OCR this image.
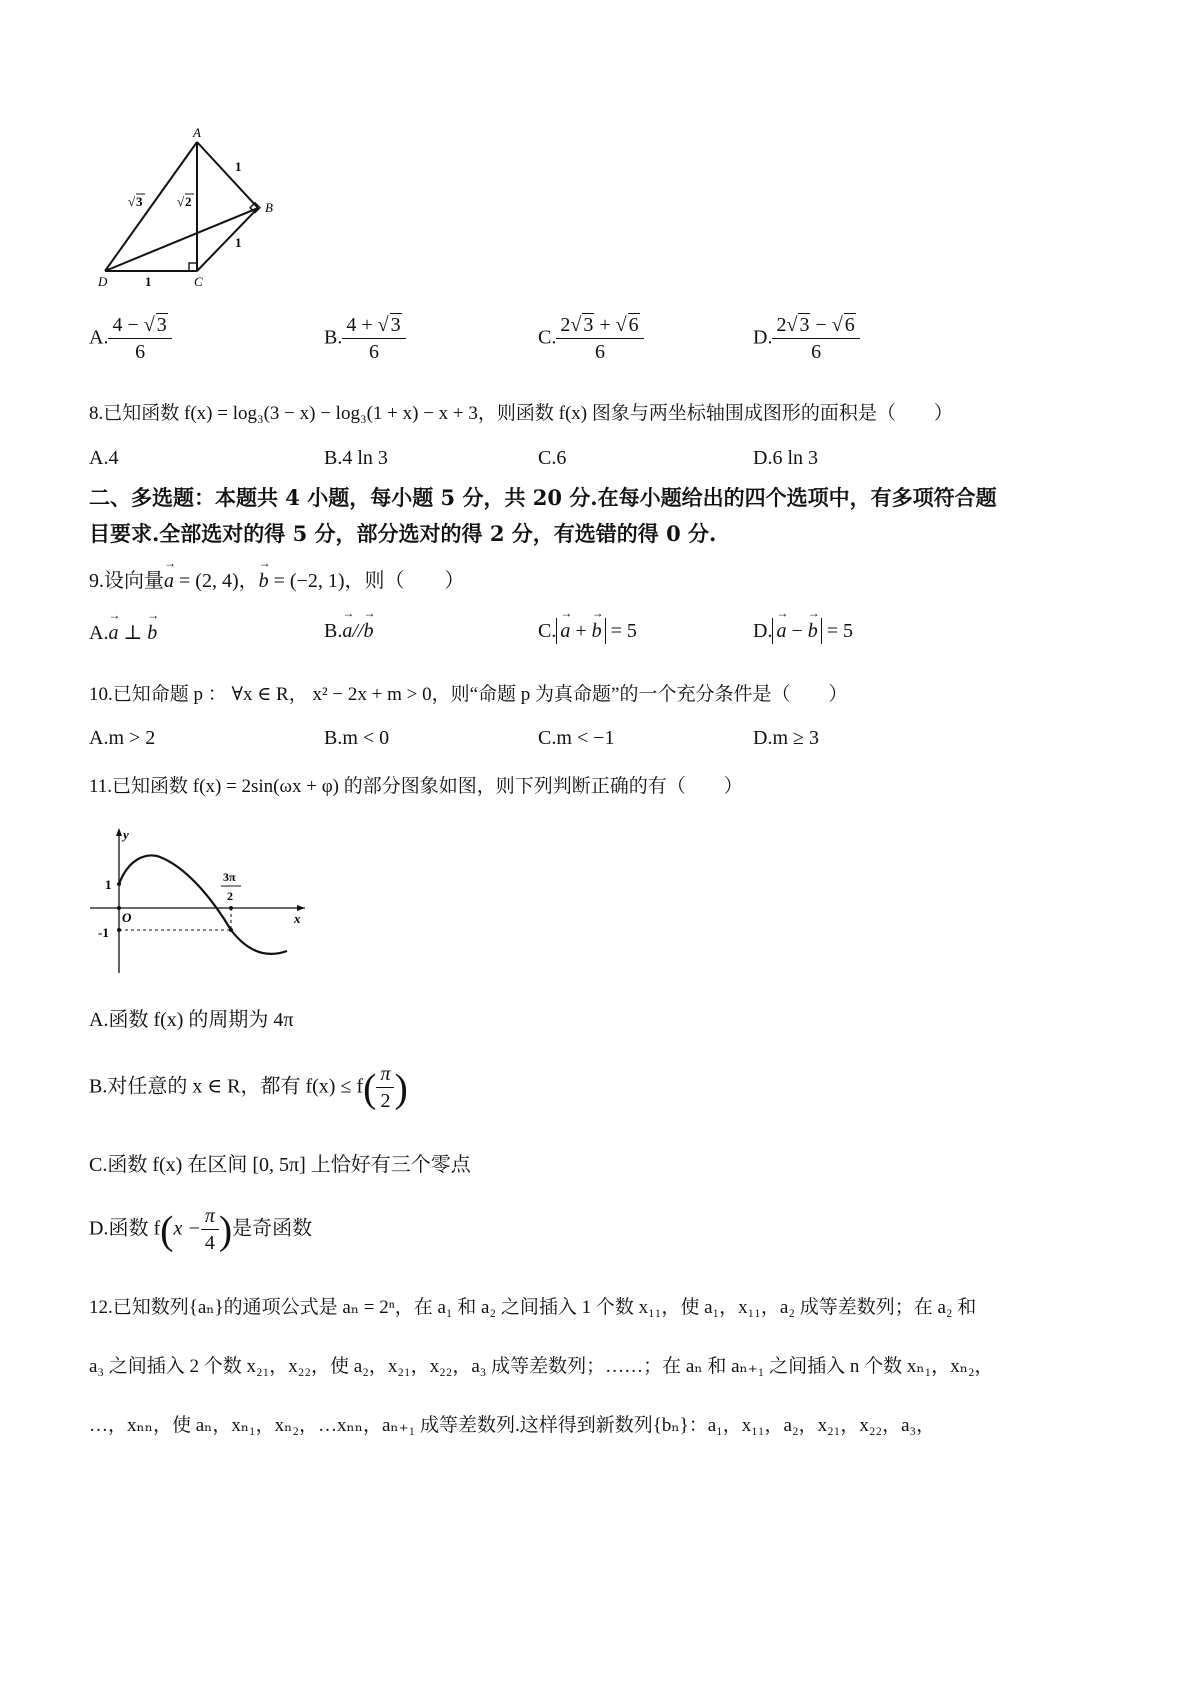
A
B
C
D
1
1
1
√ 3	√ 2
A. $\frac{4 - √ 3}{6}$	B. $\frac{4 + √ 3}{6}$	C. $\frac{2√ 3 + √ 6}{6}$	D. $\frac{2√ 3 - √ 6}{6}$
8.已知函数 f(x) = log₃(3 − x) − log₃(1 + x) − x + 3，则函数 f(x) 图象与两坐标轴围成图形的面积是（　　）
A.4	B.4 ln 3	C.6	D.6 ln 3
二、多选题：本题共 4 小题，每小题 5 分，共 20 分.在每小题给出的四个选项中，有多项符合题
目要求.全部选对的得 5 分，部分选对的得 2 分，有选错的得 0 分.
9.设向量→ a = (2, 4)，→ b = (−2, 1)，则（　　）
A.→ a ⊥ → b	B.→ a//→ b	C. → a + → b = 5	D. → a − → b = 5
10.已知命题 p ： ∀x ∈ R， x² − 2x + m > 0，则“命题 p 为真命题”的一个充分条件是（　　）
A.m > 2	B.m < 0	C.m < −1	D.m ≥ 3
11.已知函数 f(x) = 2sin(ωx + φ) 的部分图象如图，则下列判断正确的有（　　）
y
x
O
1
-1
3π
2
A.函数 f(x) 的周期为 4π
B.对任意的 x ∈ R，都有 $f(x) \le f( \frac{\pi}{2}$ )
C.函数 f(x) 在区间 [0, 5π] 上恰好有三个零点
D.函数 $f(x - \frac{\pi}{4}$ )是奇函数
12.已知数列{aₙ}的通项公式是 aₙ = 2ⁿ，在 a₁ 和 a₂ 之间插入 1 个数 x₁₁，使 a₁，x₁₁，a₂ 成等差数列；在 a₂ 和
a₃ 之间插入 2 个数 x₂₁，x₂₂，使 a₂，x₂₁，x₂₂，a₃ 成等差数列；……；在 aₙ 和 aₙ₊₁ 之间插入 n 个数 xₙ₁，xₙ₂，
…，xₙₙ，使 aₙ，xₙ₁，xₙ₂，…xₙₙ，aₙ₊₁ 成等差数列.这样得到新数列{bₙ}：a₁，x₁₁，a₂，x₂₁，x₂₂，a₃，
